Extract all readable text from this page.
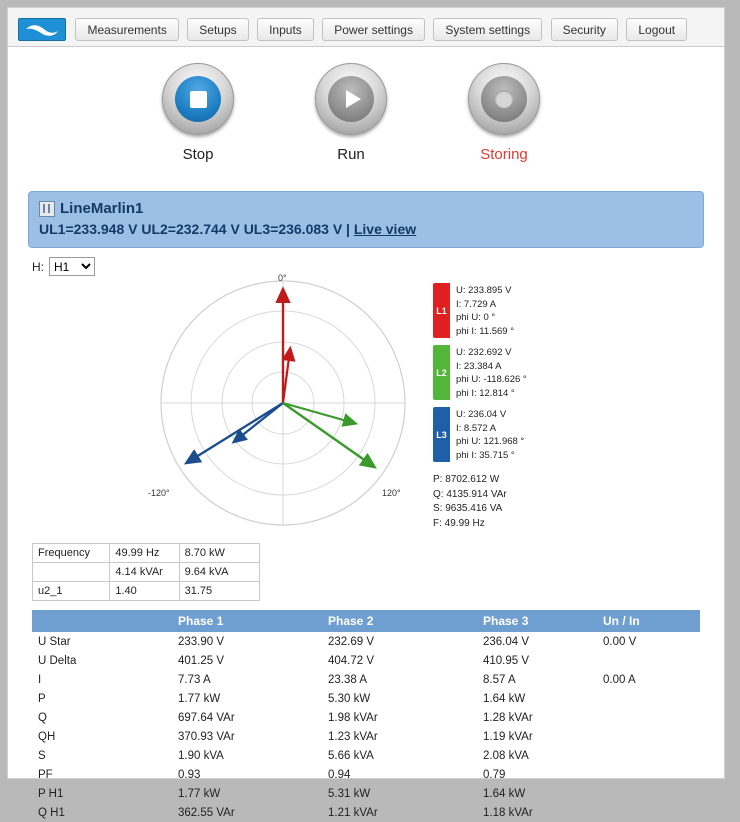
Measurements	Setups	Inputs	Power settings	System settings	Security	Logout
Stop	Run	Storing
LineMarlin1
UL1=233.948 V UL2=232.744 V UL3=236.083 V | Live view
H:
H1
0°
-120°	120°
L1
U: 233.895 V
I: 7.729 A
phi U: 0 °
phi I: 11.569 °
L2
U: 232.692 V
I: 23.384 A
phi U: -118.626 °
phi I: 12.814 °
L3
U: 236.04 V
I: 8.572 A
phi U: 121.968 °
phi I: 35.715 °
P: 8702.612 W
Q: 4135.914 VAr
S: 9635.416 VA
F: 49.99 Hz
Frequency	49.99 Hz	8.70 kW
	4.14 kVAr	9.64 kVA
u2_1	1.40	31.75
	Phase 1	Phase 2	Phase 3	Un / In
U Star	233.90 V	232.69 V	236.04 V	0.00 V
U Delta	401.25 V	404.72 V	410.95 V	
I	7.73 A	23.38 A	8.57 A	0.00 A
P	1.77 kW	5.30 kW	1.64 kW	
Q	697.64 VAr	1.98 kVAr	1.28 kVAr	
QH	370.93 VAr	1.23 kVAr	1.19 kVAr	
S	1.90 kVA	5.66 kVA	2.08 kVA	
PF	0.93	0.94	0.79	
P H1	1.77 kW	5.31 kW	1.64 kW	
Q H1	362.55 VAr	1.21 kVAr	1.18 kVAr	
